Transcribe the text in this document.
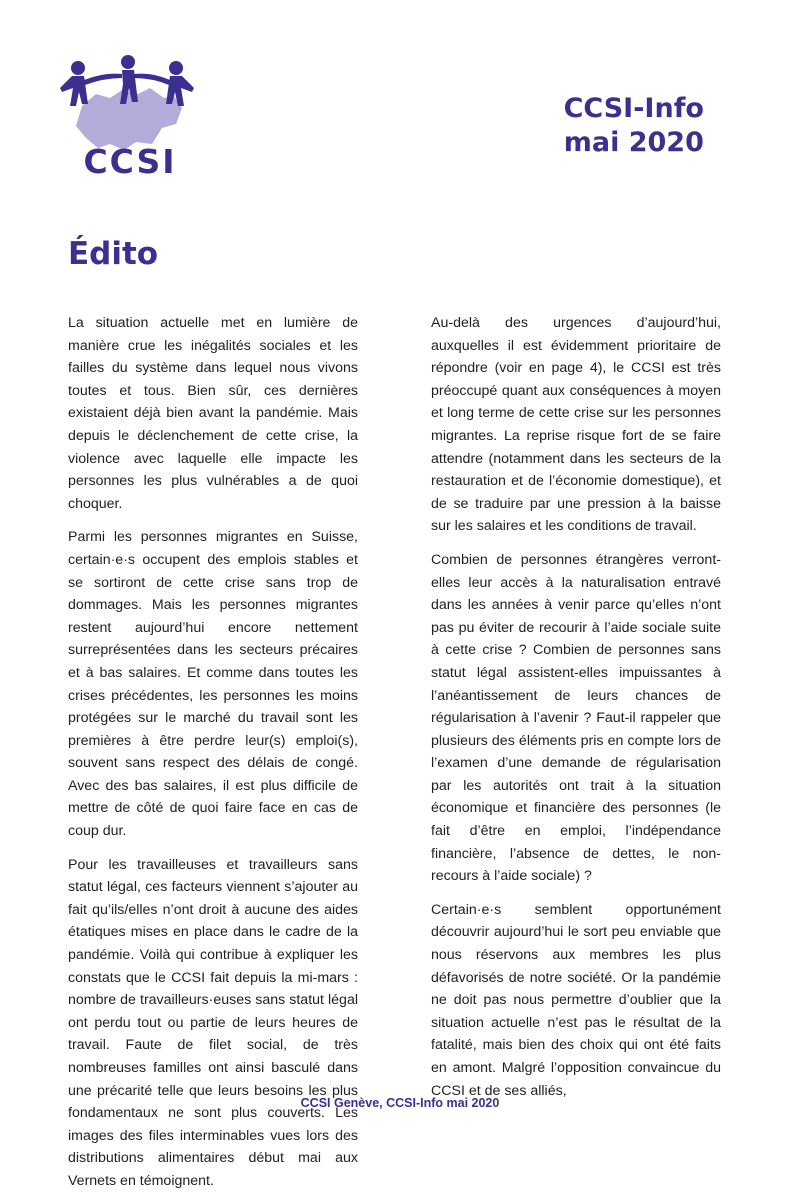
CCSI
CCSI-Info
mai 2020
Édito

La situation actuelle met en lumière de manière crue les inégalités sociales et les failles du système dans lequel nous vivons toutes et tous. Bien sûr, ces dernières existaient déjà bien avant la pandémie. Mais depuis le déclenchement de cette crise, la violence avec laquelle elle impacte les personnes les plus vulnérables a de quoi choquer.

Parmi les personnes migrantes en Suisse, certain·e·s occupent des emplois stables et se sortiront de cette crise sans trop de dommages. Mais les personnes migrantes restent aujourd’hui encore nettement surreprésentées dans les secteurs précaires et à bas salaires. Et comme dans toutes les crises précédentes, les personnes les moins protégées sur le marché du travail sont les premières à être perdre leur(s) emploi(s), souvent sans respect des délais de congé. Avec des bas salaires, il est plus difficile de mettre de côté de quoi faire face en cas de coup dur.

Pour les travailleuses et travailleurs sans statut légal, ces facteurs viennent s’ajouter au fait qu’ils/elles n’ont droit à aucune des aides étatiques mises en place dans le cadre de la pandémie. Voilà qui contribue à expliquer les constats que le CCSI fait depuis la mi-mars : nombre de travailleurs·euses sans statut légal ont perdu tout ou partie de leurs heures de travail. Faute de filet social, de très nombreuses familles ont ainsi basculé dans une précarité telle que leurs besoins les plus fondamentaux ne sont plus couverts. Les images des files interminables vues lors des distributions alimentaires début mai aux Vernets en témoignent.

Au-delà des urgences d’aujourd’hui, auxquelles il est évidemment prioritaire de répondre (voir en page 4), le CCSI est très préoccupé quant aux conséquences à moyen et long terme de cette crise sur les personnes migrantes. La reprise risque fort de se faire attendre (notamment dans les secteurs de la restauration et de l’économie domestique), et de se traduire par une pression à la baisse sur les salaires et les conditions de travail.

Combien de personnes étrangères verront-elles leur accès à la naturalisation entravé dans les années à venir parce qu’elles n’ont pas pu éviter de recourir à l’aide sociale suite à cette crise ? Combien de personnes sans statut légal assistent-elles impuissantes à l’anéantissement de leurs chances de régularisation à l’avenir ? Faut-il rappeler que plusieurs des éléments pris en compte lors de l’examen d’une demande de régularisation par les autorités ont trait à la situation économique et financière des personnes (le fait d’être en emploi, l’indépendance financière, l’absence de dettes, le non-recours à l’aide sociale) ?

Certain·e·s semblent opportunément découvrir aujourd’hui le sort peu enviable que nous réservons aux membres les plus défavorisés de notre société. Or la pandémie ne doit pas nous permettre d’oublier que la situation actuelle n’est pas le résultat de la fatalité, mais bien des choix qui ont été faits en amont. Malgré l’opposition convaincue du CCSI et de ses alliés,

CCSI Genève, CCSI-Info mai 2020
